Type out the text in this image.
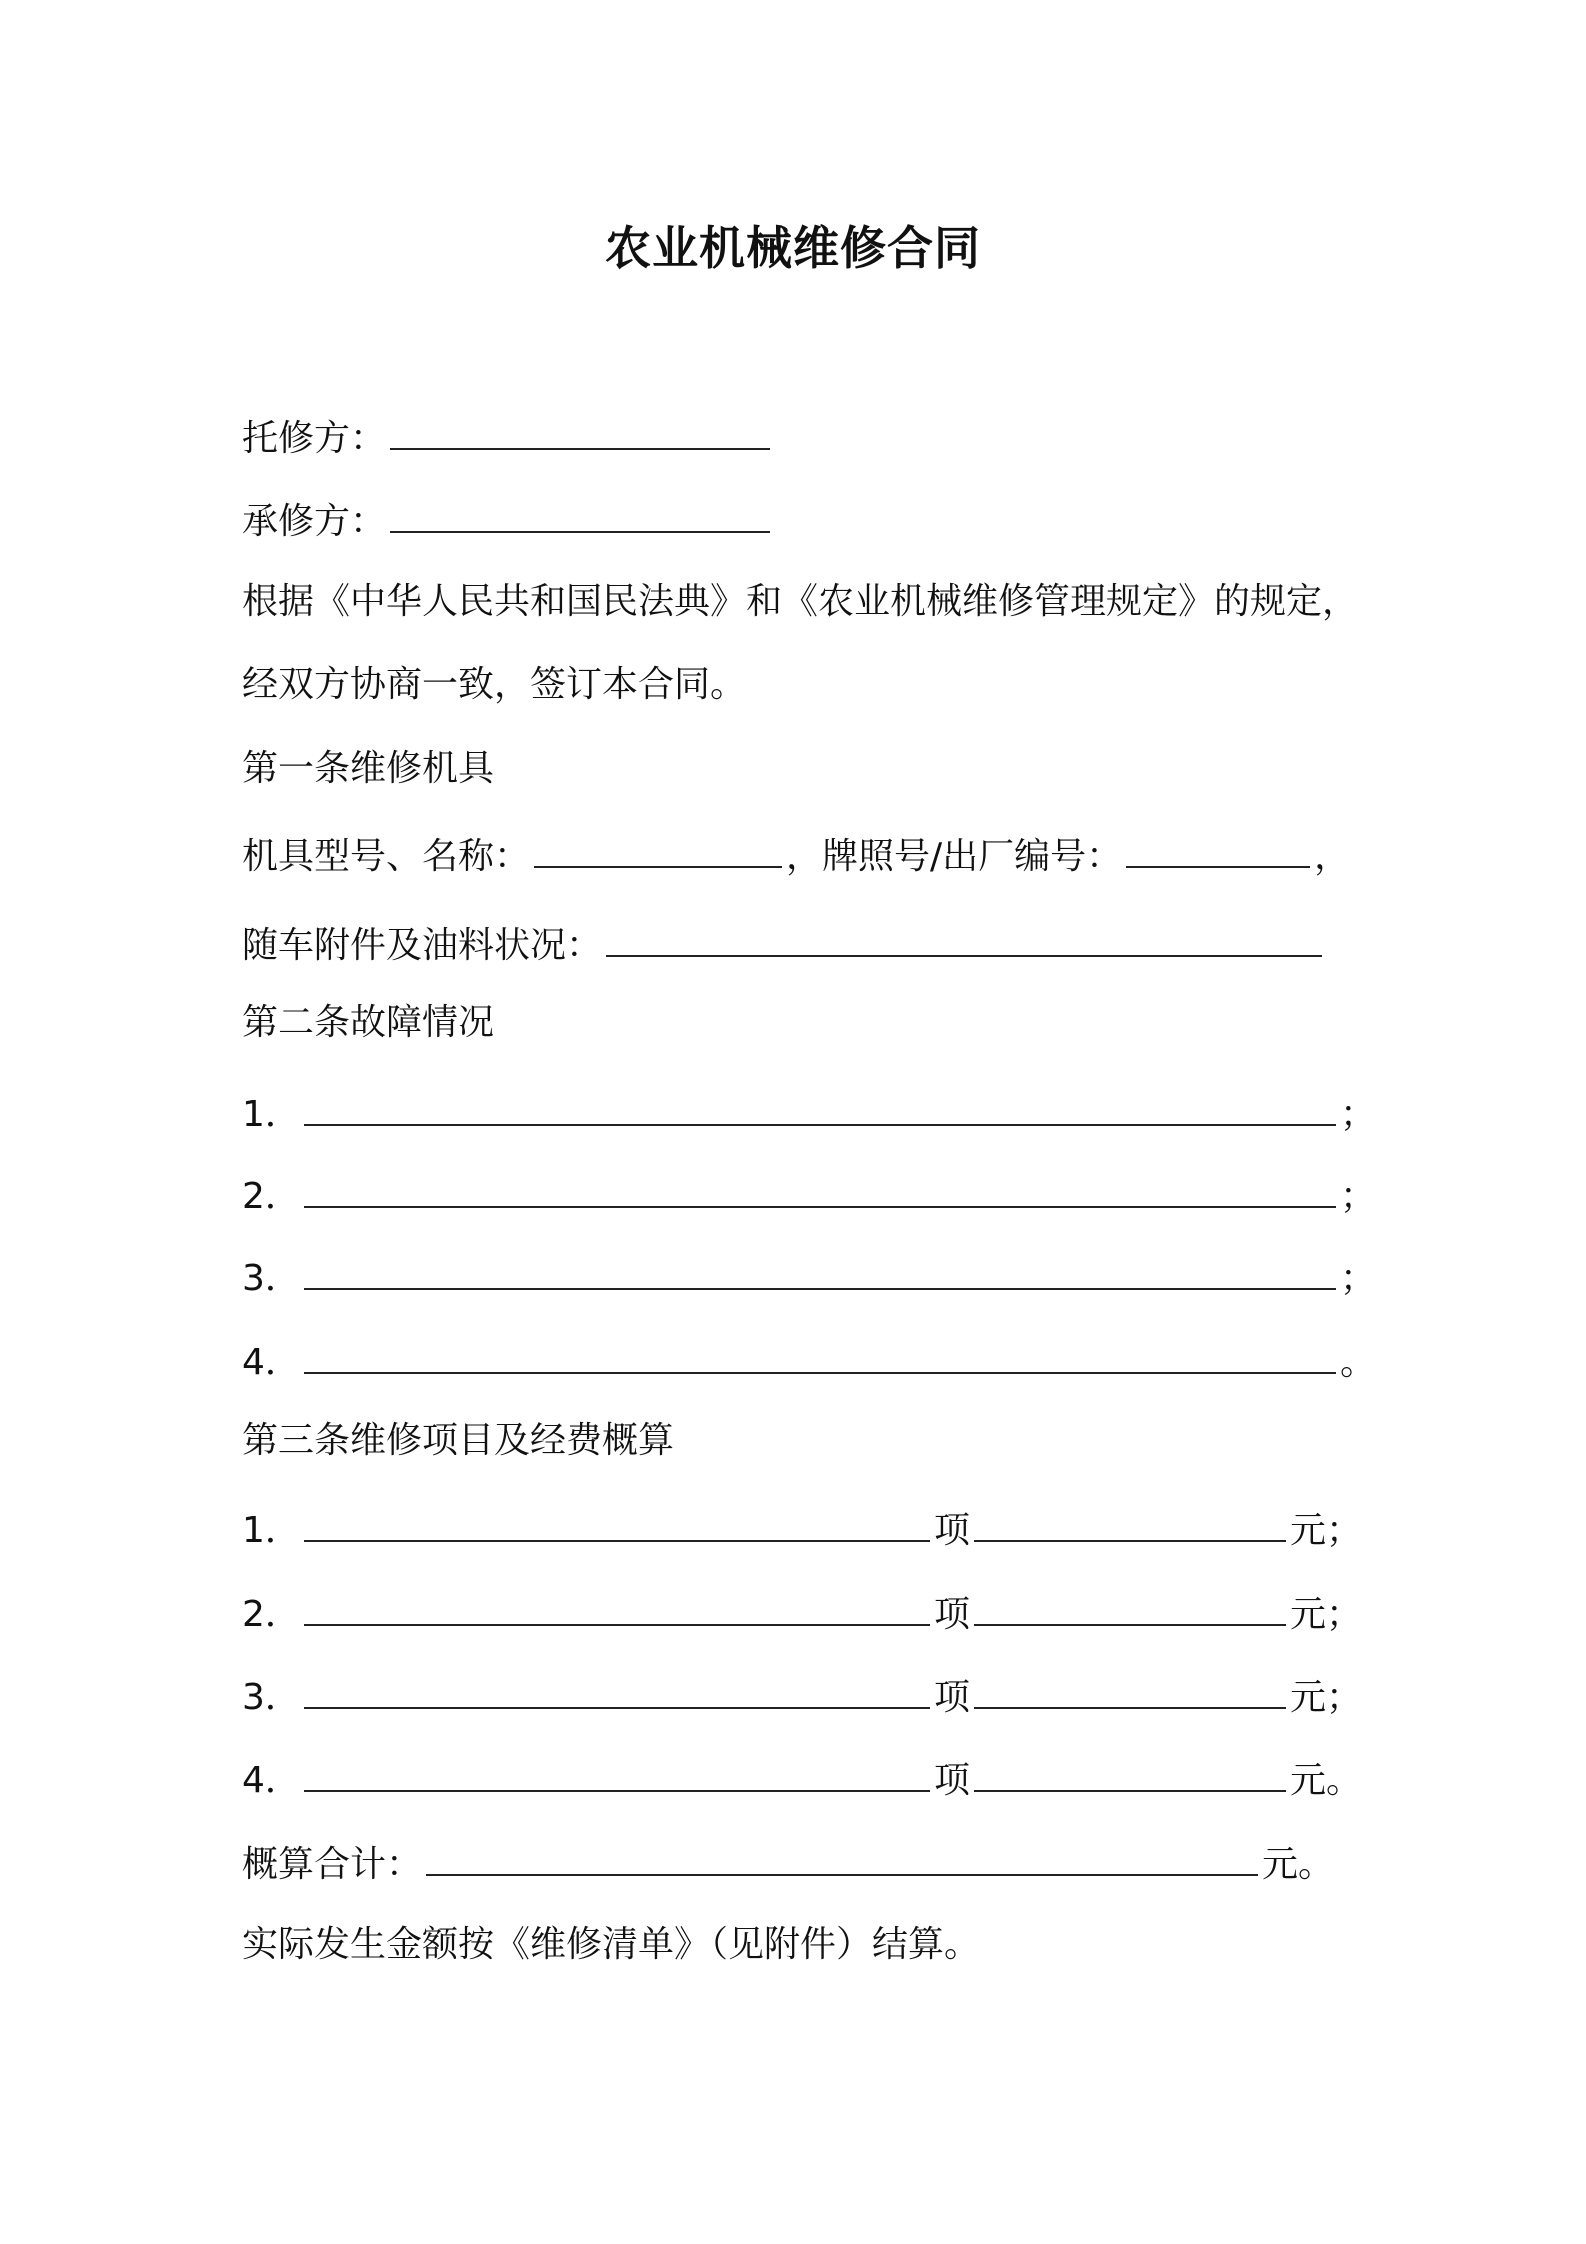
农业机械维修合同
托修方：
承修方：
根据《中华人民共和国民法典》和《农业机械维修管理规定》的规定，
经双方协商一致，签订本合同。
第一条维修机具
机具型号、名称：	，牌照号/出厂编号：	，
随车附件及油料状况：
第二条故障情况
1．	；
2．	；
3．	；
4．	。
第三条维修项目及经费概算
1．	项	元；
2．	项	元；
3．	项	元；
4．	项	元。
概算合计：	元。
实际发生金额按《维修清单》（见附件）结算。
